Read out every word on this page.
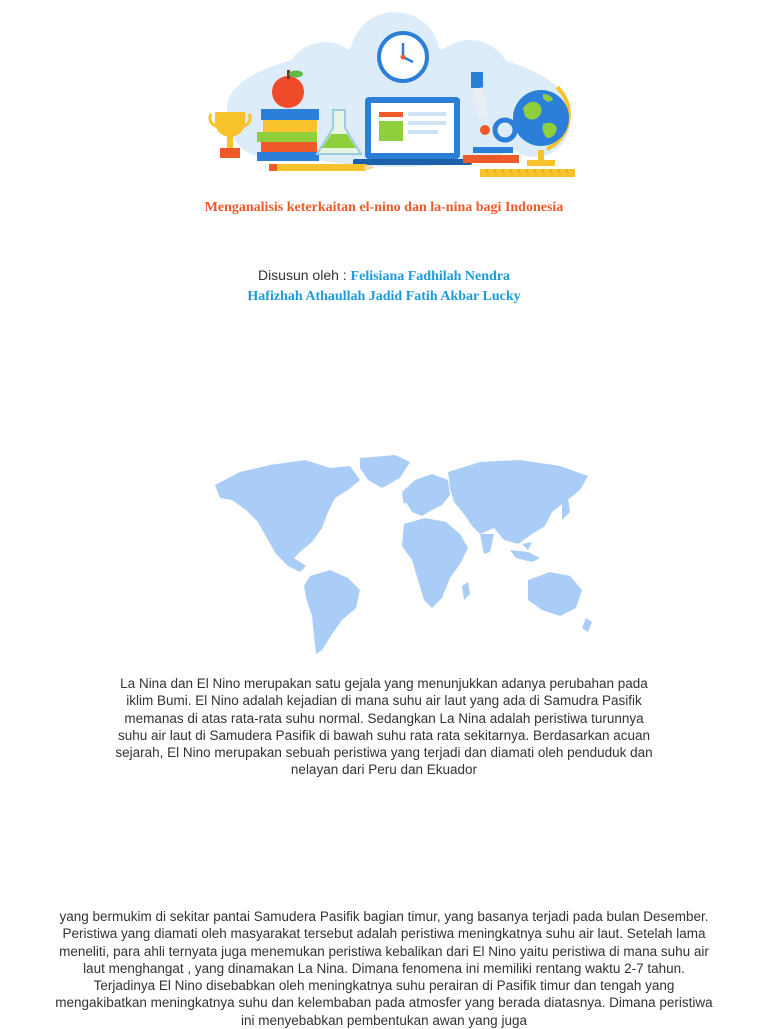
Menganalisis keterkaitan el-nino dan la-nina bagi Indonesia
Disusun oleh : Felisiana Fadhilah Nendra
Hafizhah Athaullah Jadid Fatih Akbar Lucky
La Nina dan El Nino merupakan satu gejala yang menunjukkan adanya perubahan pada iklim Bumi. El Nino adalah kejadian di mana suhu air laut yang ada di Samudra Pasifik memanas di atas rata-rata suhu normal. Sedangkan La Nina adalah peristiwa turunnya suhu air laut di Samudera Pasifik di bawah suhu rata rata sekitarnya. Berdasarkan acuan sejarah, El Nino merupakan sebuah peristiwa yang terjadi dan diamati oleh penduduk dan nelayan dari Peru dan Ekuador
yang bermukim di sekitar pantai Samudera Pasifik bagian timur, yang basanya terjadi pada bulan Desember. Peristiwa yang diamati oleh masyarakat tersebut adalah peristiwa meningkatnya suhu air laut. Setelah lama meneliti, para ahli ternyata juga menemukan peristiwa kebalikan dari El Nino yaitu peristiwa di mana suhu air laut menghangat , yang dinamakan La Nina. Dimana fenomena ini memiliki rentang waktu 2-7 tahun. Terjadinya El Nino disebabkan oleh meningkatnya suhu perairan di Pasifik timur dan tengah yang mengakibatkan meningkatnya suhu dan kelembaban pada atmosfer yang berada diatasnya. Dimana peristiwa ini menyebabkan pembentukan awan yang juga
